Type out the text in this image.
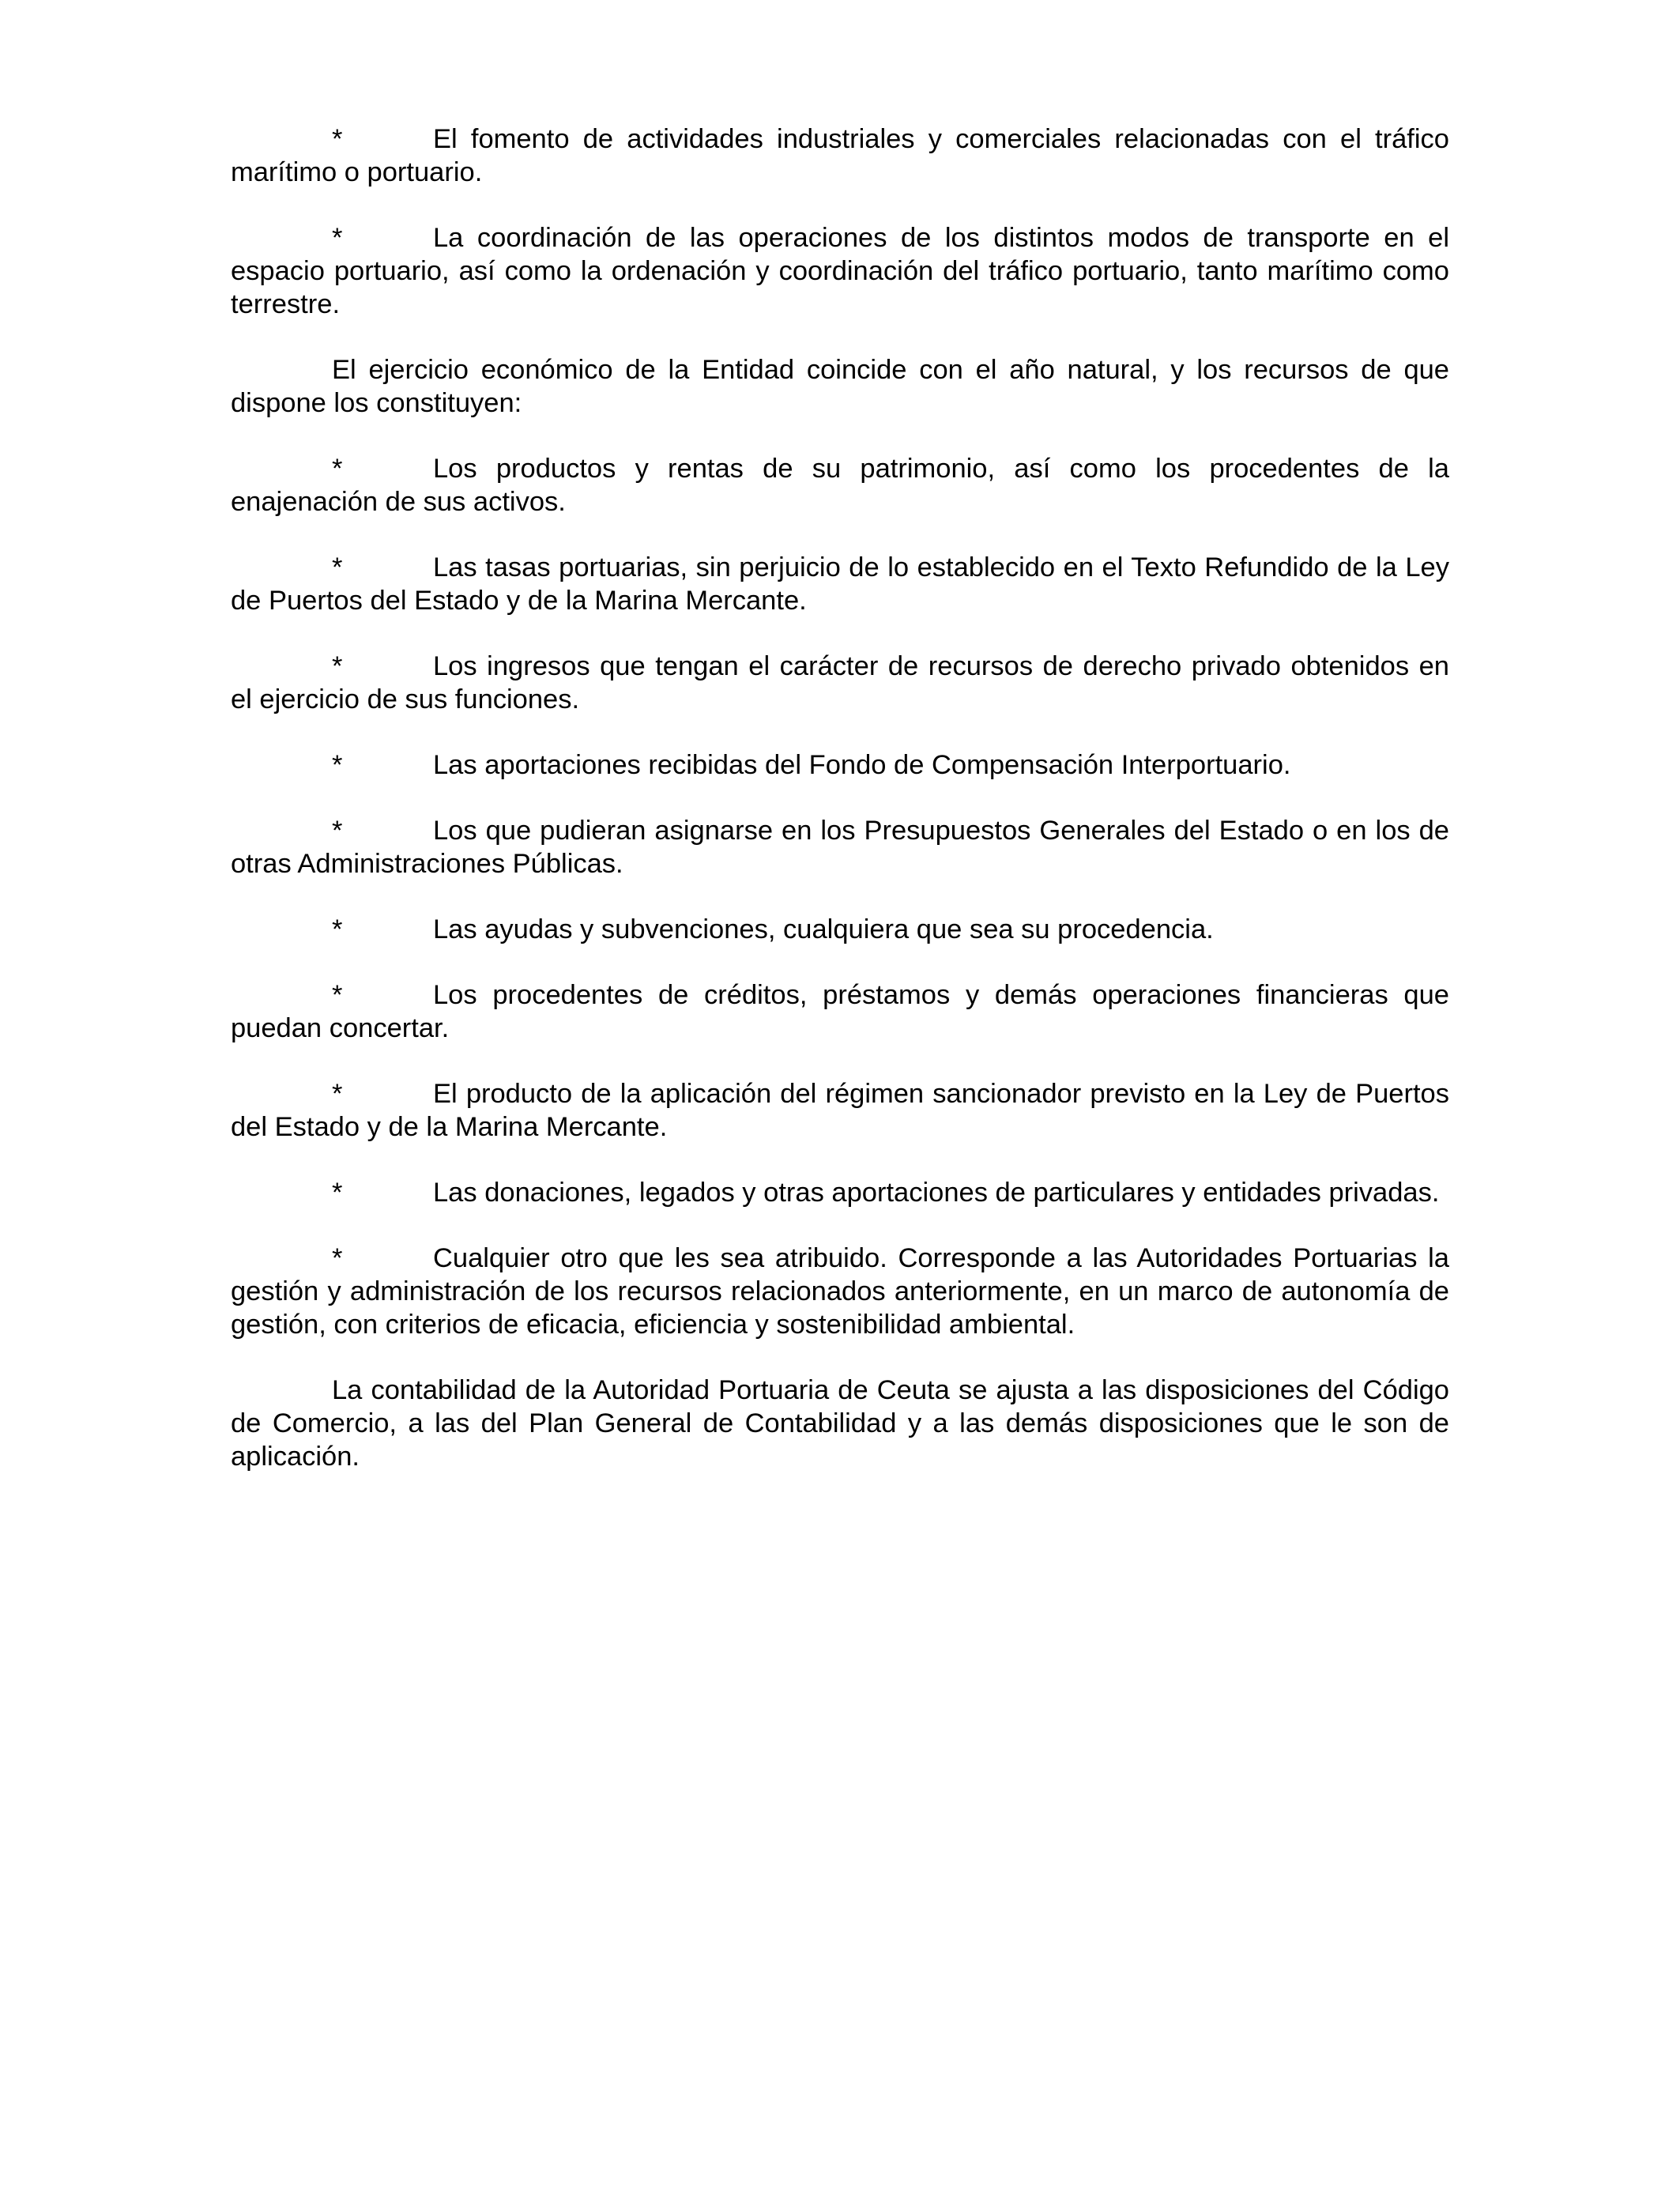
*	El fomento de actividades industriales y comerciales relacionadas con el tráfico marítimo o portuario.

*	La coordinación de las operaciones de los distintos modos de transporte en el espacio portuario, así como la ordenación y coordinación del tráfico portuario, tanto marítimo como terrestre.

El ejercicio económico de la Entidad coincide con el año natural, y los recursos de que dispone los constituyen:

*	Los productos y rentas de su patrimonio, así como los procedentes de la enajenación de sus activos.

*	Las tasas portuarias, sin perjuicio de lo establecido en el Texto Refundido de la Ley de Puertos del Estado y de la Marina Mercante.

*	Los ingresos que tengan el carácter de recursos de derecho privado obtenidos en el ejercicio de sus funciones.

*	Las aportaciones recibidas del Fondo de Compensación Interportuario.

*	Los que pudieran asignarse en los Presupuestos Generales del Estado o en los de otras Administraciones Públicas.

*	Las ayudas y subvenciones, cualquiera que sea su procedencia.

*	Los procedentes de créditos, préstamos y demás operaciones financieras que puedan concertar.

*	El producto de la aplicación del régimen sancionador previsto en la Ley de Puertos del Estado y de la Marina Mercante.

*	Las donaciones, legados y otras aportaciones de particulares y entidades privadas.

*	Cualquier otro que les sea atribuido. Corresponde a las Autoridades Portuarias la gestión y administración de los recursos relacionados anteriormente, en un marco de autonomía de gestión, con criterios de eficacia, eficiencia y sostenibilidad ambiental.

La contabilidad de la Autoridad Portuaria de Ceuta se ajusta a las disposiciones del Código de Comercio, a las del Plan General de Contabilidad y a las demás disposiciones que le son de aplicación.
